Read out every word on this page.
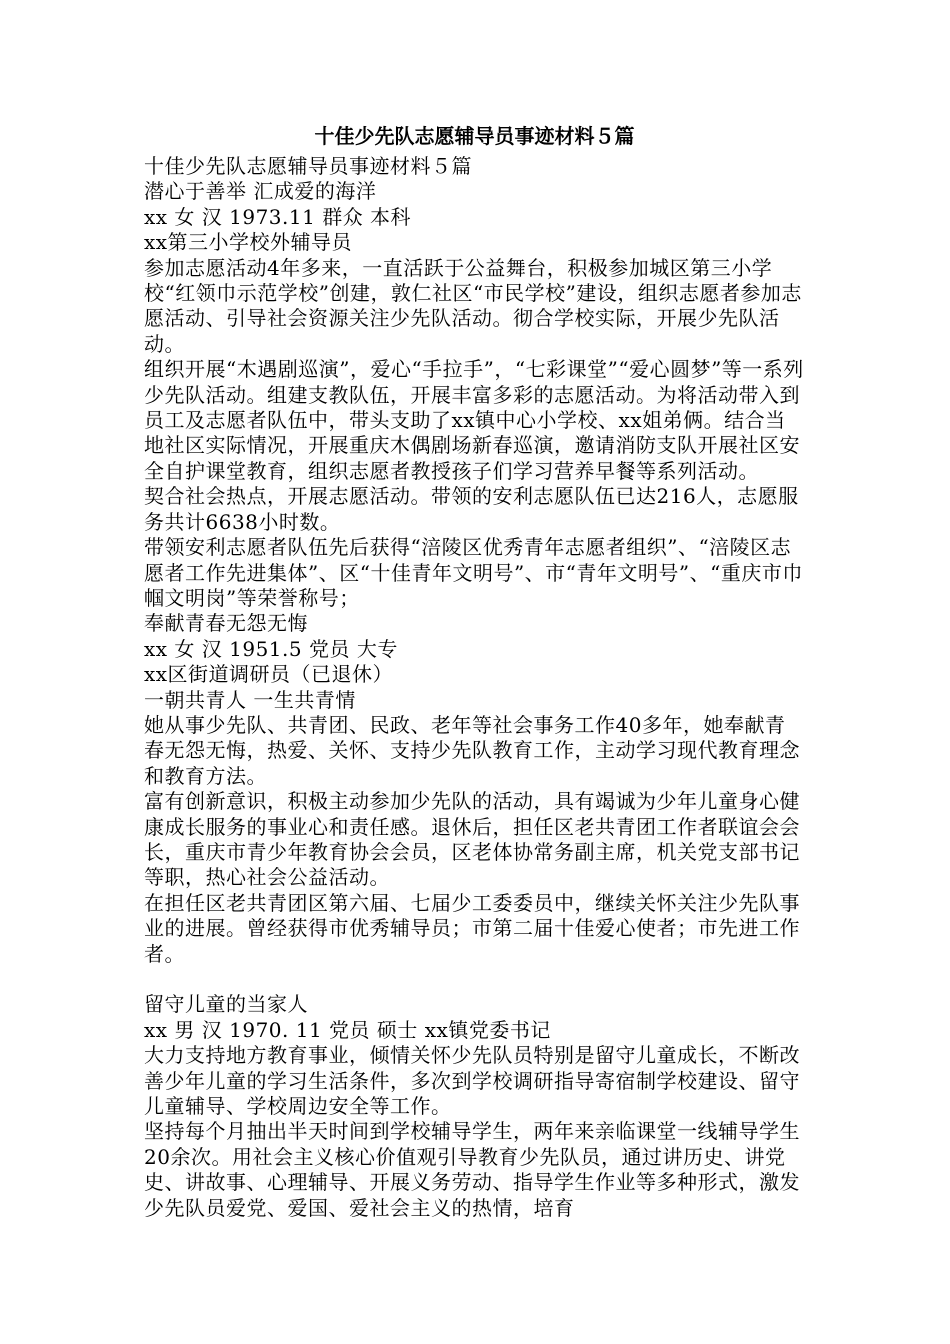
十佳少先队志愿辅导员事迹材料５篇

十佳少先队志愿辅导员事迹材料５篇

潜心于善举 汇成爱的海洋

xx 女 汉 1973.11 群众 本科

xx第三小学校外辅导员

参加志愿活动4年多来，一直活跃于公益舞台，积极参加城区第三小学校“红领巾示范学校”创建，敦仁社区“市民学校”建设，组织志愿者参加志愿活动、引导社会资源关注少先队活动。彻合学校实际，开展少先队活动。

组织开展“木遇剧巡演”，爱心“手拉手”，“七彩课堂”“爱心圆梦”等一系列少先队活动。组建支教队伍，开展丰富多彩的志愿活动。为将活动带入到员工及志愿者队伍中，带头支助了xx镇中心小学校、xx姐弟俩。结合当地社区实际情况，开展重庆木偶剧场新春巡演，邀请消防支队开展社区安全自护课堂教育，组织志愿者教授孩子们学习营养早餐等系列活动。

契合社会热点，开展志愿活动。带领的安利志愿队伍已达216人，志愿服务共计6638小时数。

带领安利志愿者队伍先后获得“涪陵区优秀青年志愿者组织”、“涪陵区志愿者工作先进集体”、区“十佳青年文明号”、市“青年文明号”、“重庆市巾帼文明岗”等荣誉称号；

奉献青春无怨无悔

xx 女 汉 1951.5 党员 大专

xx区街道调研员（已退休）

一朝共青人 一生共青情

她从事少先队、共青团、民政、老年等社会事务工作40多年，她奉献青春无怨无悔，热爱、关怀、支持少先队教育工作，主动学习现代教育理念和教育方法。

富有创新意识，积极主动参加少先队的活动，具有竭诚为少年儿童身心健康成长服务的事业心和责任感。退休后，担任区老共青团工作者联谊会会长，重庆市青少年教育协会会员，区老体协常务副主席，机关党支部书记等职，热心社会公益活动。

在担任区老共青团区第六届、七届少工委委员中，继续关怀关注少先队事业的进展。曾经获得市优秀辅导员；市第二届十佳爱心使者；市先进工作者。

留守儿童的当家人

xx 男 汉 1970. 11 党员 硕士 xx镇党委书记

大力支持地方教育事业，倾情关怀少先队员特别是留守儿童成长，不断改善少年儿童的学习生活条件，多次到学校调研指导寄宿制学校建设、留守儿童辅导、学校周边安全等工作。

坚持每个月抽出半天时间到学校辅导学生，两年来亲临课堂一线辅导学生20余次。用社会主义核心价值观引导教育少先队员，通过讲历史、讲党史、讲故事、心理辅导、开展义务劳动、指导学生作业等多种形式，激发少先队员爱党、爱国、爱社会主义的热情，培育
